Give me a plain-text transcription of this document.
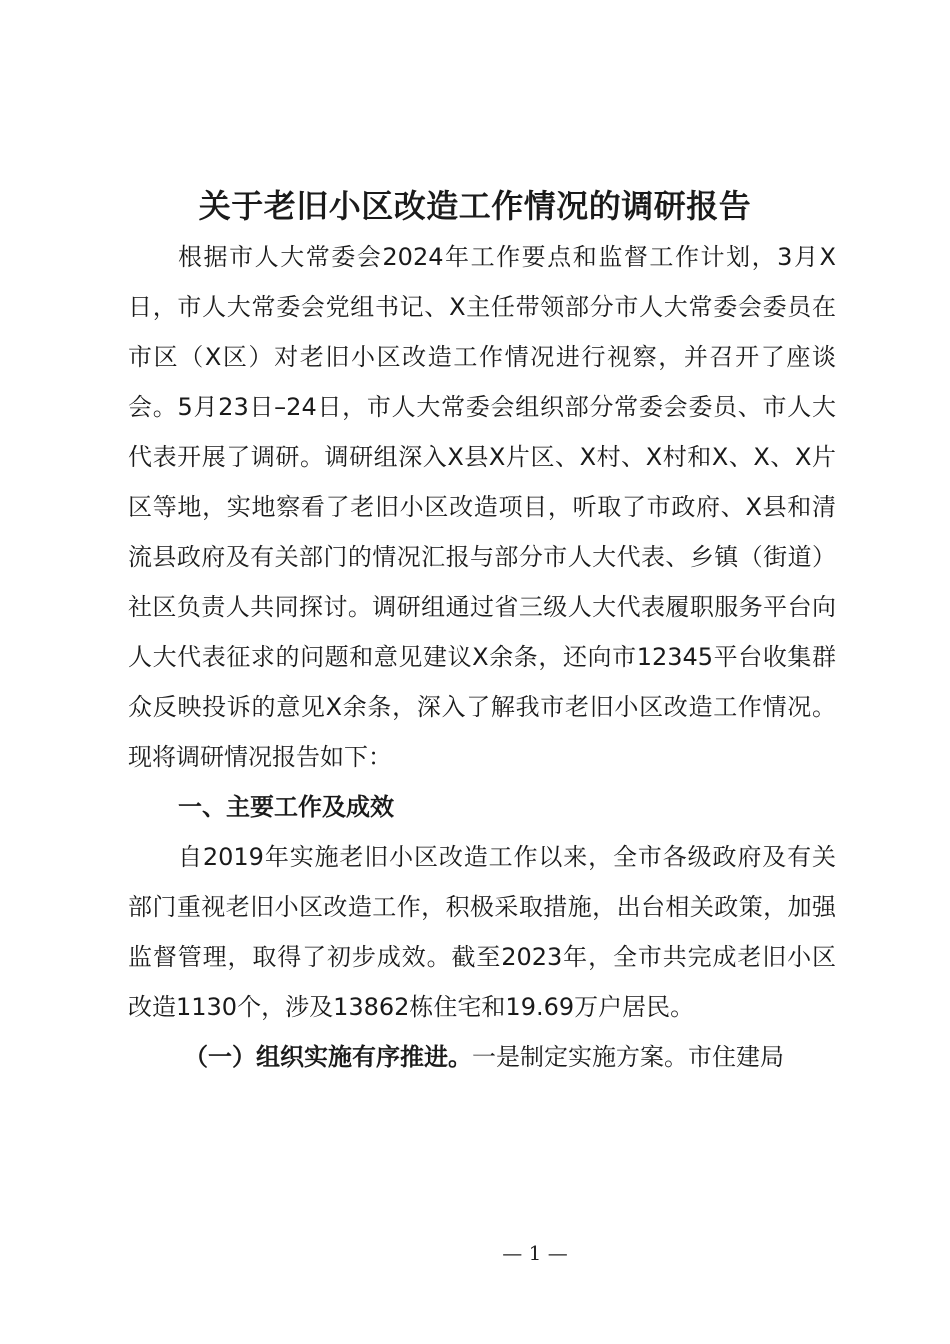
关于老旧小区改造工作情况的调研报告

根据市人大常委会2024年工作要点和监督工作计划，3月X日，市人大常委会党组书记、X主任带领部分市人大常委会委员在市区（X区）对老旧小区改造工作情况进行视察，并召开了座谈会。5月23日–24日，市人大常委会组织部分常委会委员、市人大代表开展了调研。调研组深入X县X片区、X村、X村和X、X、X片区等地，实地察看了老旧小区改造项目，听取了市政府、X县和清流县政府及有关部门的情况汇报与部分市人大代表、乡镇（街道）社区负责人共同探讨。调研组通过省三级人大代表履职服务平台向人大代表征求的问题和意见建议X余条，还向市12345平台收集群众反映投诉的意见X余条，深入了解我市老旧小区改造工作情况。现将调研情况报告如下：

一、主要工作及成效

自2019年实施老旧小区改造工作以来，全市各级政府及有关部门重视老旧小区改造工作，积极采取措施，出台相关政策，加强监督管理，取得了初步成效。截至2023年，全市共完成老旧小区改造1130个，涉及13862栋住宅和19.69万户居民。

（一）组织实施有序推进。一是制定实施方案。市住建局

— 1 —
